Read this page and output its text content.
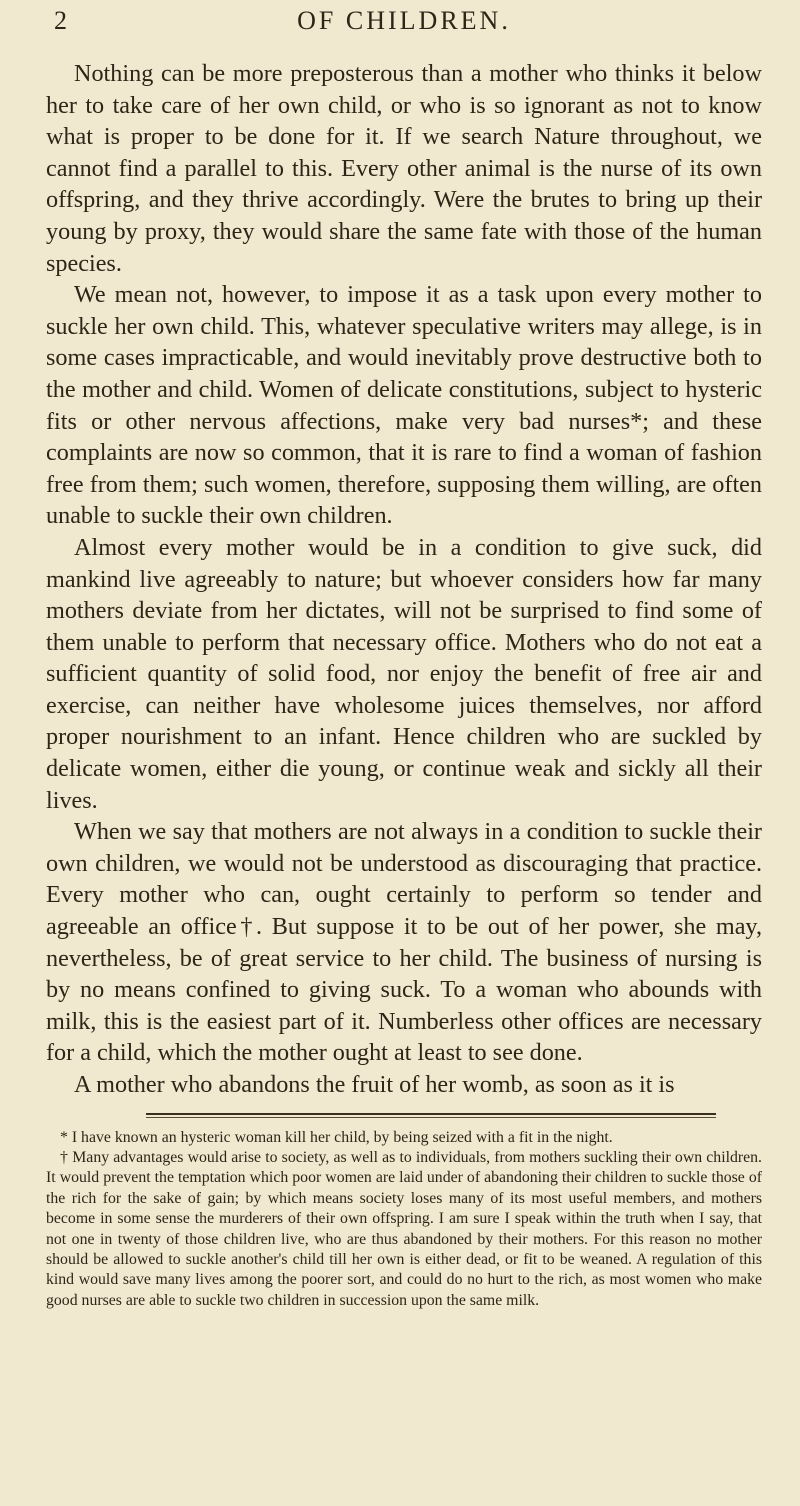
2	OF CHILDREN.

Nothing can be more preposterous than a mother who thinks it below her to take care of her own child, or who is so ignorant as not to know what is proper to be done for it. If we search Nature throughout, we cannot find a parallel to this. Every other animal is the nurse of its own offspring, and they thrive accordingly. Were the brutes to bring up their young by proxy, they would share the same fate with those of the human species.

We mean not, however, to impose it as a task upon every mother to suckle her own child. This, whatever speculative writers may allege, is in some cases impracticable, and would inevitably prove destructive both to the mother and child. Women of delicate constitutions, subject to hysteric fits or other nervous affections, make very bad nurses*; and these complaints are now so common, that it is rare to find a woman of fashion free from them; such women, therefore, supposing them willing, are often unable to suckle their own children.

Almost every mother would be in a condition to give suck, did mankind live agreeably to nature; but whoever considers how far many mothers deviate from her dictates, will not be surprised to find some of them unable to perform that necessary office. Mothers who do not eat a sufficient quantity of solid food, nor enjoy the benefit of free air and exercise, can neither have wholesome juices themselves, nor afford proper nourishment to an infant. Hence children who are suckled by delicate women, either die young, or continue weak and sickly all their lives.

When we say that mothers are not always in a condition to suckle their own children, we would not be understood as discouraging that practice. Every mother who can, ought certainly to perform so tender and agreeable an office†. But suppose it to be out of her power, she may, nevertheless, be of great service to her child. The business of nursing is by no means confined to giving suck. To a woman who abounds with milk, this is the easiest part of it. Numberless other offices are necessary for a child, which the mother ought at least to see done.

A mother who abandons the fruit of her womb, as soon as it is

* I have known an hysteric woman kill her child, by being seized with a fit in the night.

† Many advantages would arise to society, as well as to individuals, from mothers suckling their own children. It would prevent the temptation which poor women are laid under of abandoning their children to suckle those of the rich for the sake of gain; by which means society loses many of its most useful members, and mothers become in some sense the murderers of their own offspring. I am sure I speak within the truth when I say, that not one in twenty of those children live, who are thus abandoned by their mothers. For this reason no mother should be allowed to suckle another's child till her own is either dead, or fit to be weaned. A regulation of this kind would save many lives among the poorer sort, and could do no hurt to the rich, as most women who make good nurses are able to suckle two children in succession upon the same milk.
